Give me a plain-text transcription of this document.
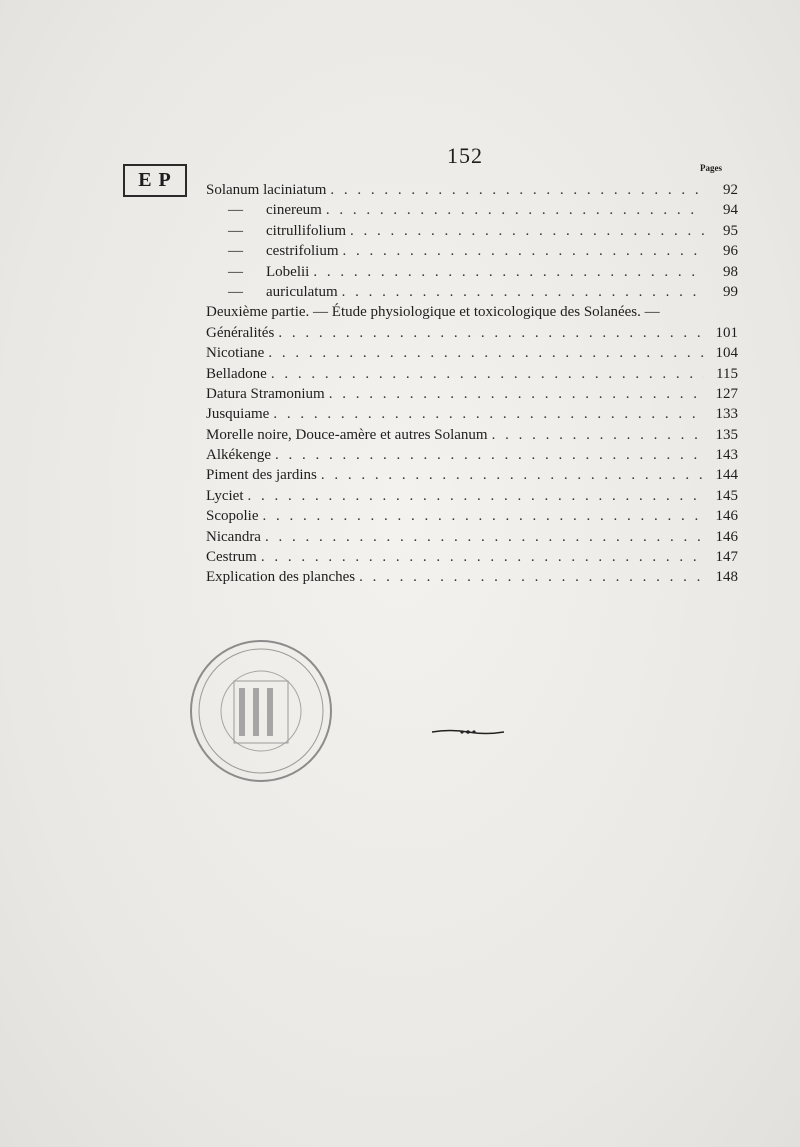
E P
152	Pages
Solanum laciniatum . . .	92
— cinereum . . .	94
— citrullifolium . . .	95
— cestrifolium . . .	96
— Lobelii . . .	98
— auriculatum . . .	99
Deuxième partie. — Étude physiologique et toxicologique des Solanées. —
Généralités . . .	101
Nicotiane . . .	104
Belladone . . .	115
Datura Stramonium . . .	127
Jusquiame . . .	133
Morelle noire, Douce-amère et autres Solanum . . .	135
Alkékenge . . .	143
Piment des jardins . . .	144
Lyciet . . .	145
Scopolie . . .	146
Nicandra . . .	146
Cestrum . . .	147
Explication des planches . . .	148
